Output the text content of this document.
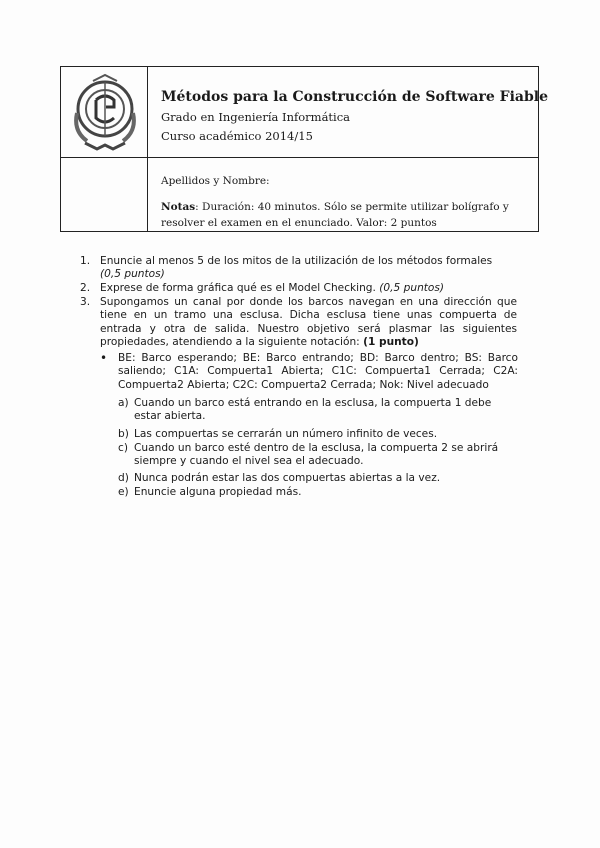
Métodos para la Construcción de Software Fiable
Grado en Ingeniería Informática
Curso académico 2014/15
Apellidos y Nombre:
Notas: Duración: 40 minutos. Sólo se permite utilizar bolígrafo y resolver el examen en el enunciado. Valor: 2 puntos
1. Enuncie al menos 5 de los mitos de la utilización de los métodos formales
(0,5 puntos)
2. Exprese de forma gráfica qué es el Model Checking. (0,5 puntos)
3. Supongamos un canal por donde los barcos navegan en una dirección que tiene en un tramo una esclusa. Dicha esclusa tiene unas compuerta de entrada y otra de salida. Nuestro objetivo será plasmar las siguientes propiedades, atendiendo a la siguiente notación: (1 punto)
• BE: Barco esperando; BE: Barco entrando; BD: Barco dentro; BS: Barco saliendo; C1A: Compuerta1 Abierta; C1C: Compuerta1 Cerrada; C2A: Compuerta2 Abierta; C2C: Compuerta2 Cerrada; Nok: Nivel adecuado
a) Cuando un barco está entrando en la esclusa, la compuerta 1 debe estar abierta.
b) Las compuertas se cerrarán un número infinito de veces.
c) Cuando un barco esté dentro de la esclusa, la compuerta 2 se abrirá siempre y cuando el nivel sea el adecuado.
d) Nunca podrán estar las dos compuertas abiertas a la vez.
e) Enuncie alguna propiedad más.
